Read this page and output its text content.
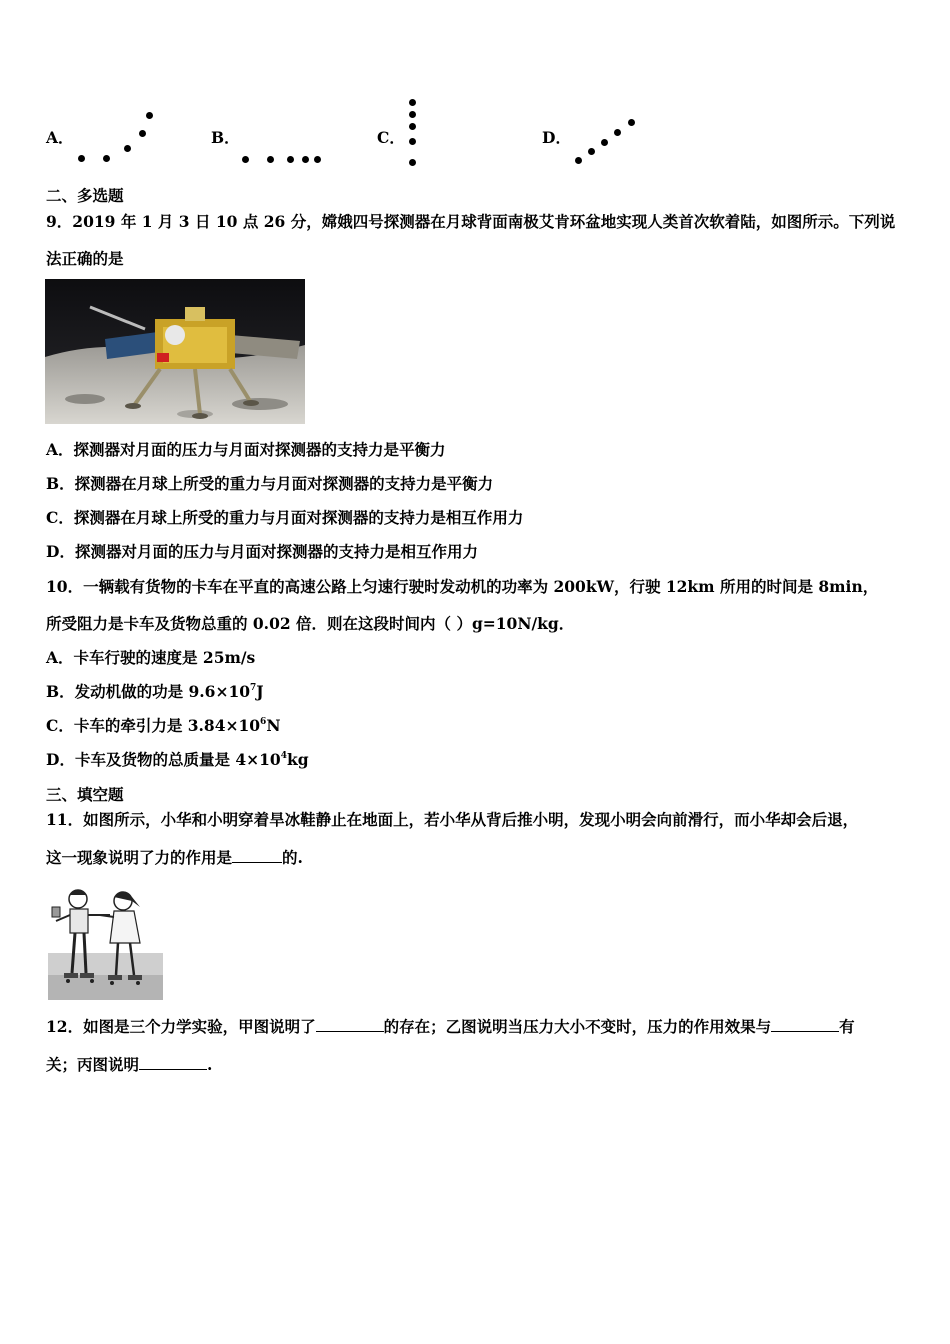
A．	B．	C．	D．
二、多选题
9．2019 年 1 月 3 日 10 点 26 分，嫦娥四号探测器在月球背面南极艾肯环盆地实现人类首次软着陆，如图所示。下列说
法正确的是
A．探测器对月面的压力与月面对探测器的支持力是平衡力
B．探测器在月球上所受的重力与月面对探测器的支持力是平衡力
C．探测器在月球上所受的重力与月面对探测器的支持力是相互作用力
D．探测器对月面的压力与月面对探测器的支持力是相互作用力
10．一辆载有货物的卡车在平直的高速公路上匀速行驶时发动机的功率为 200kW，行驶 12km 所用的时间是 8min，
所受阻力是卡车及货物总重的 0.02 倍．则在这段时间内（ ）g=10N/kg．
A．卡车行驶的速度是 25m/s
B．发动机做的功是 $9.6\times 10^7J$
C．卡车的牵引力是 $3.84\times 10^6N$
D．卡车及货物的总质量是 $4\times 10^4kg$
三、填空题
11．如图所示，小华和小明穿着旱冰鞋静止在地面上，若小华从背后推小明，发现小明会向前滑行，而小华却会后退，
这一现象说明了力的作用是	的.
12．如图是三个力学实验，甲图说明了	的存在；乙图说明当压力大小不变时，压力的作用效果与	有
关；丙图说明	.
